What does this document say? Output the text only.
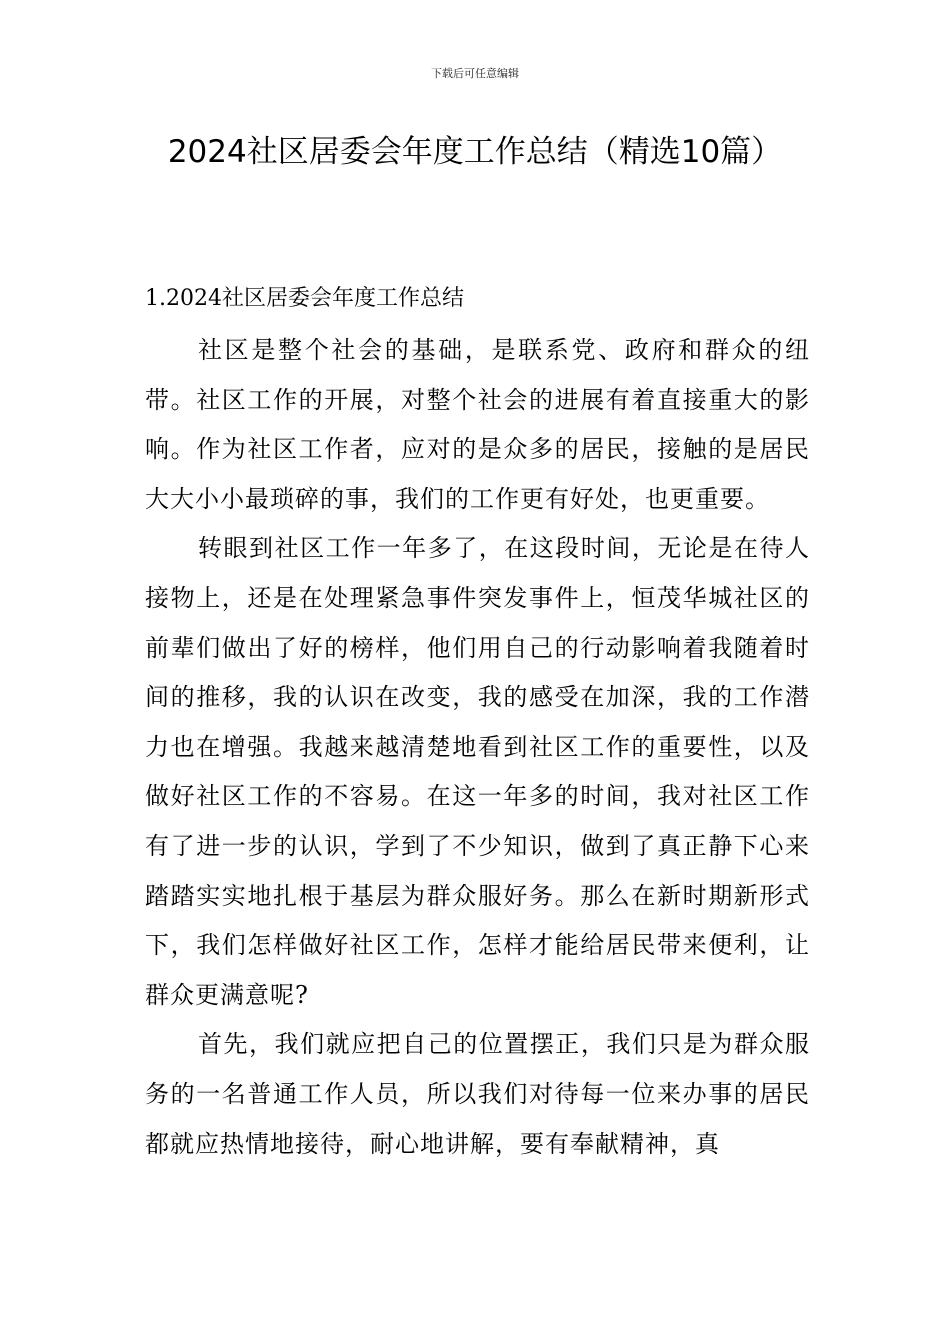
下载后可任意编辑
2024社区居委会年度工作总结（精选10篇）
1.2024社区居委会年度工作总结

社区是整个社会的基础，是联系党、政府和群众的纽带。社区工作的开展，对整个社会的进展有着直接重大的影响。作为社区工作者，应对的是众多的居民，接触的是居民大大小小最琐碎的事，我们的工作更有好处，也更重要。

转眼到社区工作一年多了，在这段时间，无论是在待人接物上，还是在处理紧急事件突发事件上，恒茂华城社区的前辈们做出了好的榜样，他们用自己的行动影响着我随着时间的推移，我的认识在改变，我的感受在加深，我的工作潜力也在增强。我越来越清楚地看到社区工作的重要性，以及做好社区工作的不容易。在这一年多的时间，我对社区工作有了进一步的认识，学到了不少知识，做到了真正静下心来踏踏实实地扎根于基层为群众服好务。那么在新时期新形式下，我们怎样做好社区工作，怎样才能给居民带来便利，让群众更满意呢?

首先，我们就应把自己的位置摆正，我们只是为群众服务的一名普通工作人员，所以我们对待每一位来办事的居民都就应热情地接待，耐心地讲解，要有奉献精神，真
